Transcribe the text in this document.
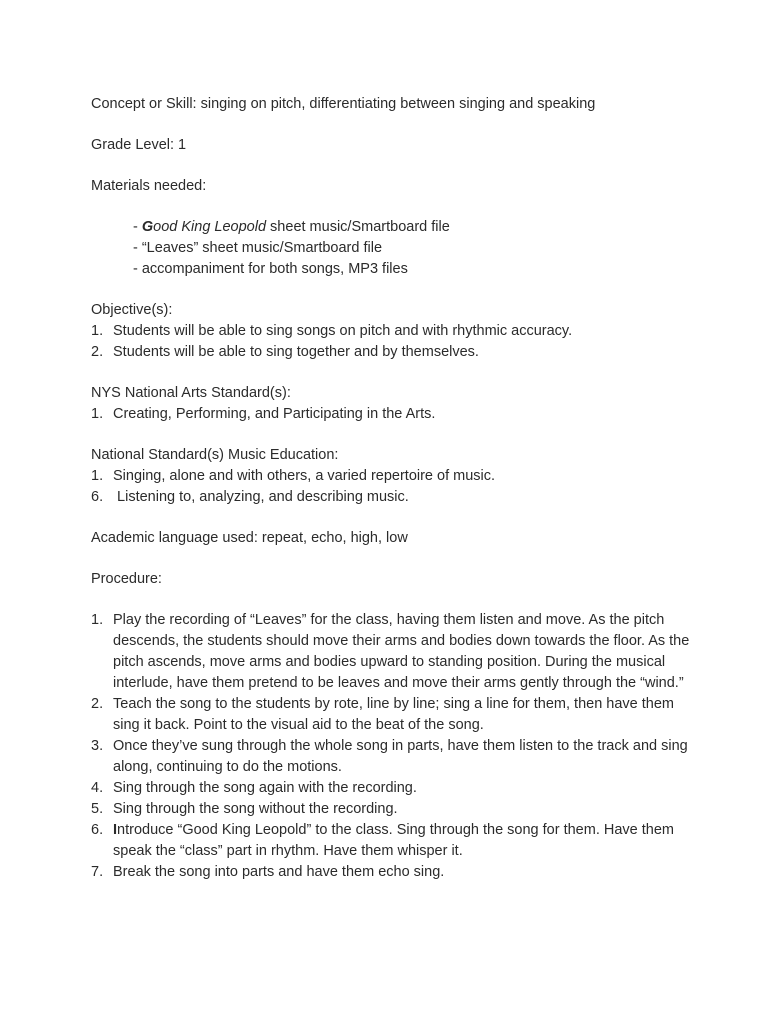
Concept or Skill: singing on pitch, differentiating between singing and speaking

Grade Level: 1

Materials needed:

- Good King Leopold sheet music/Smartboard file

- “Leaves” sheet music/Smartboard file

- accompaniment for both songs, MP3 files

Objective(s):

1. Students will be able to sing songs on pitch and with rhythmic accuracy.
2. Students will be able to sing together and by themselves.

NYS National Arts Standard(s):

1. Creating, Performing, and Participating in the Arts.

National Standard(s) Music Education:

1. Singing, alone and with others, a varied repertoire of music.
6. Listening to, analyzing, and describing music.

Academic language used: repeat, echo, high, low

Procedure:

1. Play the recording of “Leaves” for the class, having them listen and move. As the pitch descends, the students should move their arms and bodies down towards the floor. As the pitch ascends, move arms and bodies upward to standing position. During the musical interlude, have them pretend to be leaves and move their arms gently through the “wind.”
2. Teach the song to the students by rote, line by line; sing a line for them, then have them sing it back. Point to the visual aid to the beat of the song.
3. Once they’ve sung through the whole song in parts, have them listen to the track and sing along, continuing to do the motions.
4. Sing through the song again with the recording.
5. Sing through the song without the recording.
6. Introduce “Good King Leopold” to the class. Sing through the song for them. Have them speak the “class” part in rhythm. Have them whisper it.
7. Break the song into parts and have them echo sing.
